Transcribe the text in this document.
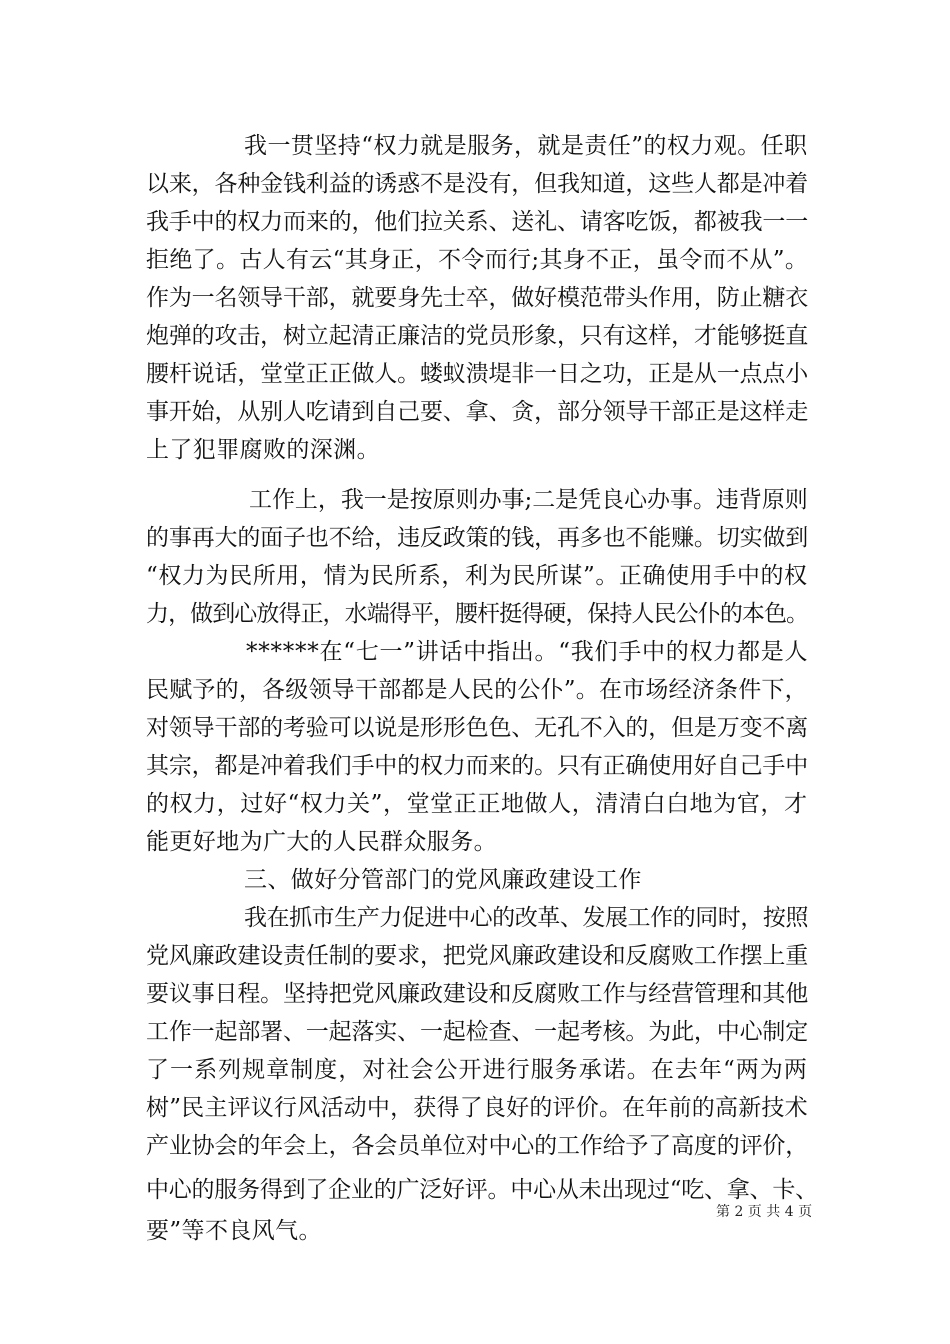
我一贯坚持“权力就是服务，就是责任”的权力观。任职
以来，各种金钱利益的诱惑不是没有，但我知道，这些人都是冲着
我手中的权力而来的，他们拉关系、送礼、请客吃饭，都被我一一
拒绝了。古人有云“其身正，不令而行;其身不正，虽令而不从”。
作为一名领导干部，就要身先士卒，做好模范带头作用，防止糖衣
炮弹的攻击，树立起清正廉洁的党员形象，只有这样，才能够挺直
腰杆说话，堂堂正正做人。蝼蚁溃堤非一日之功，正是从一点点小
事开始，从别人吃请到自己要、拿、贪，部分领导干部正是这样走
上了犯罪腐败的深渊。
工作上，我一是按原则办事;二是凭良心办事。违背原则
的事再大的面子也不给，违反政策的钱，再多也不能赚。切实做到
“权力为民所用，情为民所系，利为民所谋”。正确使用手中的权
力，做到心放得正，水端得平，腰杆挺得硬，保持人民公仆的本色。
******在“七一”讲话中指出。“我们手中的权力都是人
民赋予的，各级领导干部都是人民的公仆”。在市场经济条件下，
对领导干部的考验可以说是形形色色、无孔不入的，但是万变不离
其宗，都是冲着我们手中的权力而来的。只有正确使用好自己手中
的权力，过好“权力关”，堂堂正正地做人，清清白白地为官，才
能更好地为广大的人民群众服务。
三、做好分管部门的党风廉政建设工作
我在抓市生产力促进中心的改革、发展工作的同时，按照
党风廉政建设责任制的要求，把党风廉政建设和反腐败工作摆上重
要议事日程。坚持把党风廉政建设和反腐败工作与经营管理和其他
工作一起部署、一起落实、一起检查、一起考核。为此，中心制定
了一系列规章制度，对社会公开进行服务承诺。在去年“两为两
树”民主评议行风活动中，获得了良好的评价。在年前的高新技术
产业协会的年会上，各会员单位对中心的工作给予了高度的评价，
中心的服务得到了企业的广泛好评。中心从未出现过“吃、拿、卡、
要”等不良风气。
第 2 页 共 4 页
